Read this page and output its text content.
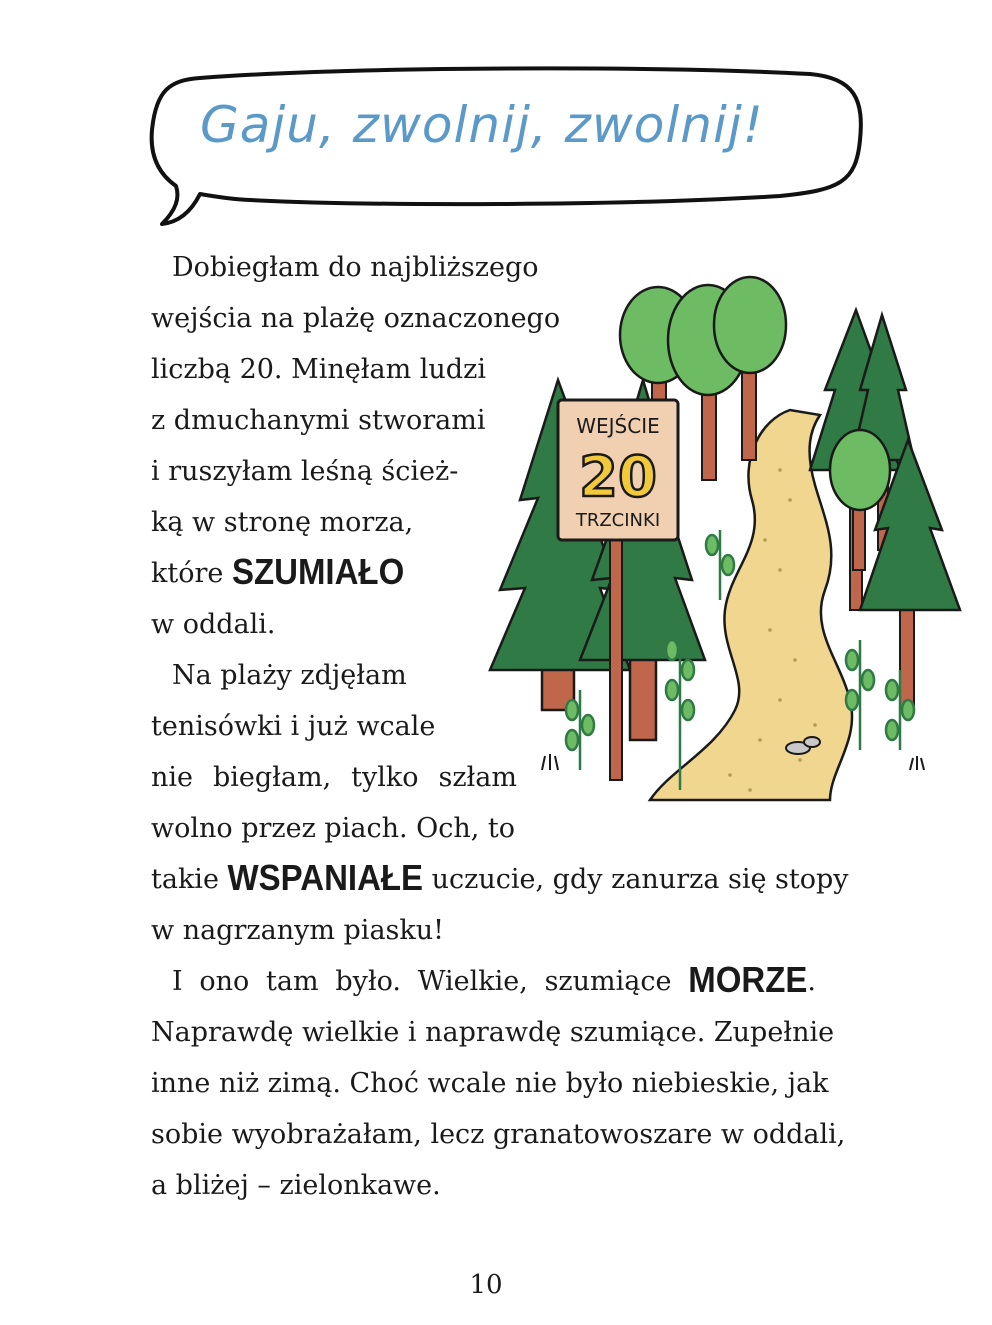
Gaju, zwolnij, zwolnij!
Dobiegłam do najbliższego
wejścia na plażę oznaczonego
liczbą 20. Minęłam ludzi
z dmuchanymi stworami
i ruszyłam leśną ścież-
ką w stronę morza,
które SZUMIAŁO
w oddali.
Na plaży zdjęłam
tenisówki i już wcale
nie biegłam, tylko szłam
wolno przez piach. Och, to
takie WSPANIAŁE uczucie, gdy zanurza się stopy
w nagrzanym piasku!
I ono tam było. Wielkie, szumiące MORZE.
Naprawdę wielkie i naprawdę szumiące. Zupełnie
inne niż zimą. Choć wcale nie było niebieskie, jak
sobie wyobrażałam, lecz granatowoszare w oddali,
a bliżej – zielonkawe.
WEJŚCIE
20
TRZCINKI
10
